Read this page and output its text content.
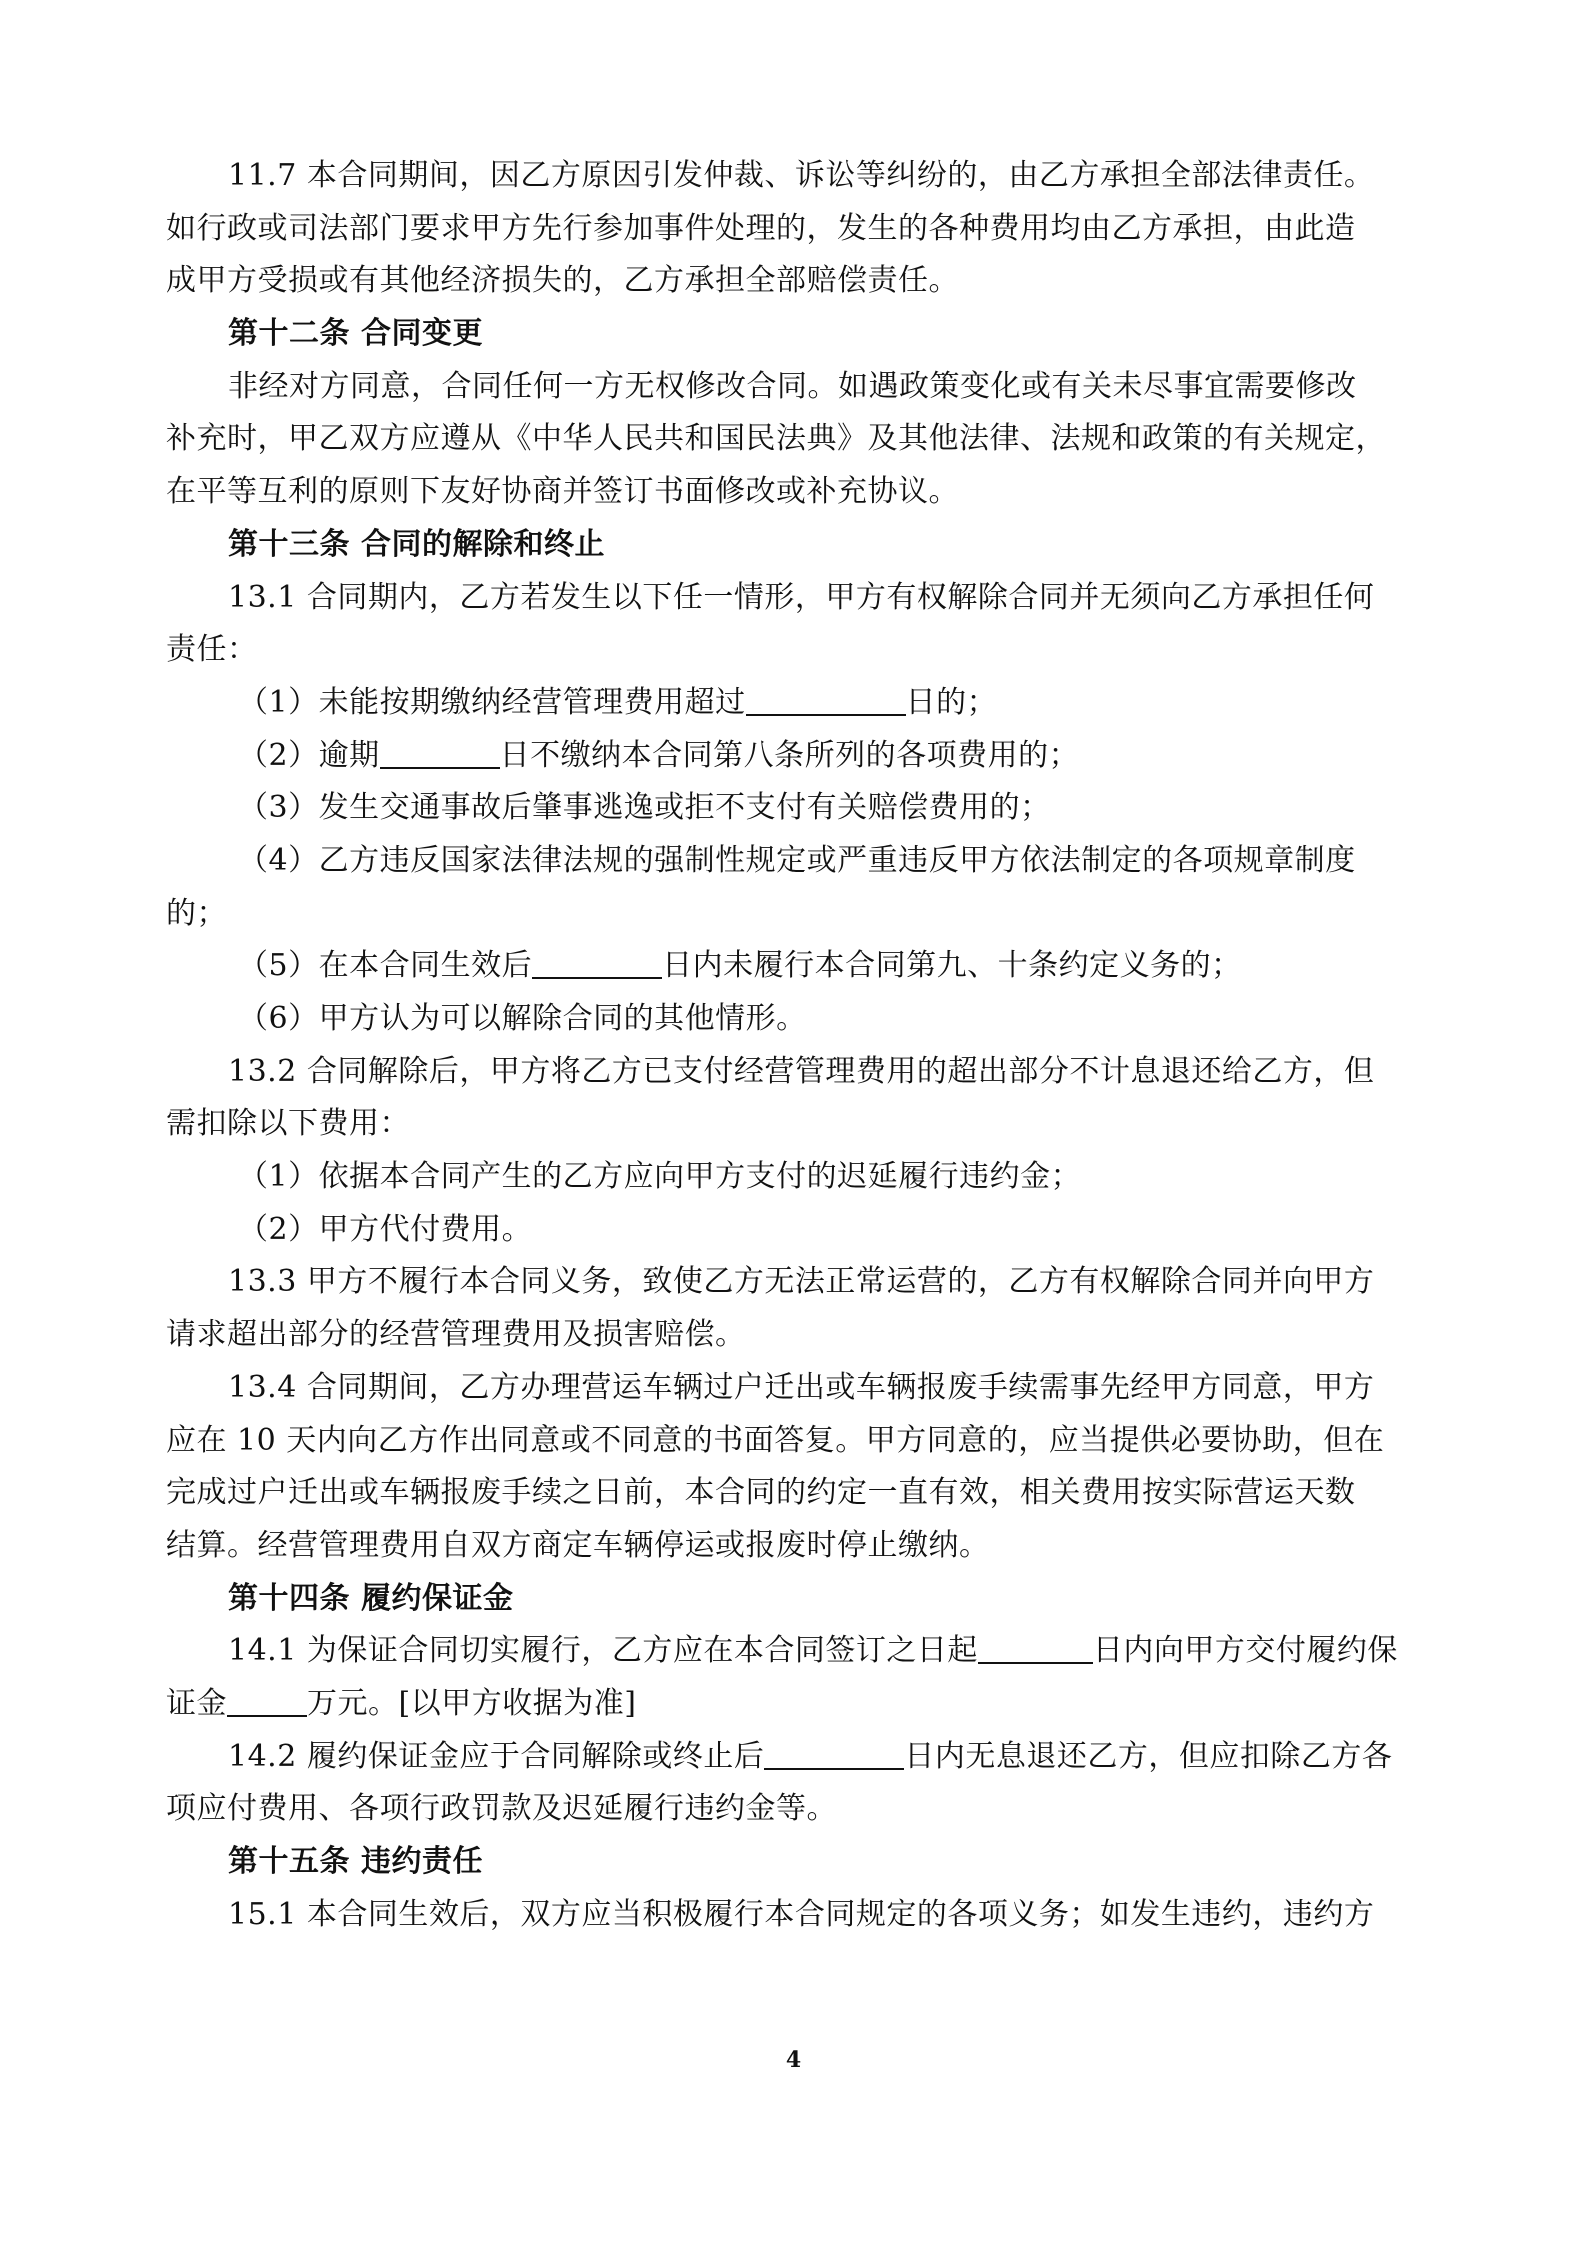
11.7 本合同期间，因乙方原因引发仲裁、诉讼等纠纷的，由乙方承担全部法律责任。
如行政或司法部门要求甲方先行参加事件处理的，发生的各种费用均由乙方承担，由此造
成甲方受损或有其他经济损失的，乙方承担全部赔偿责任。
第十二条 合同变更
非经对方同意，合同任何一方无权修改合同。如遇政策变化或有关未尽事宜需要修改
补充时，甲乙双方应遵从《中华人民共和国民法典》及其他法律、法规和政策的有关规定，
在平等互利的原则下友好协商并签订书面修改或补充协议。
第十三条 合同的解除和终止
13.1 合同期内，乙方若发生以下任一情形，甲方有权解除合同并无须向乙方承担任何
责任：
（1）未能按期缴纳经营管理费用超过	日的；
（2）逾期	日不缴纳本合同第八条所列的各项费用的；
（3）发生交通事故后肇事逃逸或拒不支付有关赔偿费用的；
（4）乙方违反国家法律法规的强制性规定或严重违反甲方依法制定的各项规章制度
的；
（5）在本合同生效后	日内未履行本合同第九、十条约定义务的；
（6）甲方认为可以解除合同的其他情形。
13.2 合同解除后，甲方将乙方已支付经营管理费用的超出部分不计息退还给乙方，但
需扣除以下费用：
（1）依据本合同产生的乙方应向甲方支付的迟延履行违约金；
（2）甲方代付费用。
13.3 甲方不履行本合同义务，致使乙方无法正常运营的，乙方有权解除合同并向甲方
请求超出部分的经营管理费用及损害赔偿。
13.4 合同期间，乙方办理营运车辆过户迁出或车辆报废手续需事先经甲方同意，甲方
应在 10 天内向乙方作出同意或不同意的书面答复。甲方同意的，应当提供必要协助，但在
完成过户迁出或车辆报废手续之日前，本合同的约定一直有效，相关费用按实际营运天数
结算。经营管理费用自双方商定车辆停运或报废时停止缴纳。
第十四条 履约保证金
14.1 为保证合同切实履行，乙方应在本合同签订之日起	日内向甲方交付履约保
证金	万元。[以甲方收据为准]
14.2 履约保证金应于合同解除或终止后	日内无息退还乙方，但应扣除乙方各
项应付费用、各项行政罚款及迟延履行违约金等。
第十五条 违约责任
15.1 本合同生效后，双方应当积极履行本合同规定的各项义务；如发生违约，违约方
4
